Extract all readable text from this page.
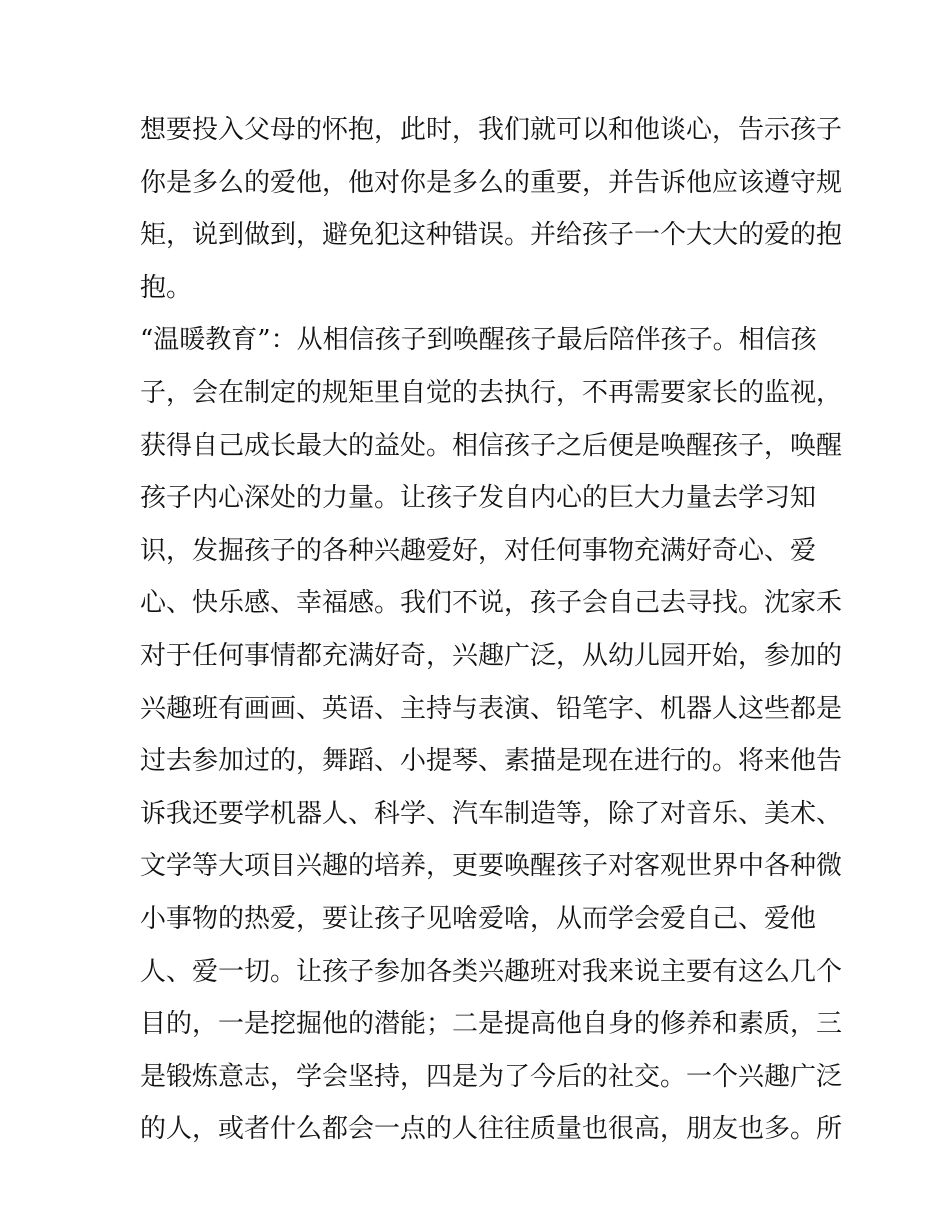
想要投入父母的怀抱，此时，我们就可以和他谈心，告示孩子
你是多么的爱他，他对你是多么的重要，并告诉他应该遵守规
矩，说到做到，避免犯这种错误。并给孩子一个大大的爱的抱
抱。
“温暖教育”：从相信孩子到唤醒孩子最后陪伴孩子。相信孩
子，会在制定的规矩里自觉的去执行，不再需要家长的监视，
获得自己成长最大的益处。相信孩子之后便是唤醒孩子，唤醒
孩子内心深处的力量。让孩子发自内心的巨大力量去学习知
识，发掘孩子的各种兴趣爱好，对任何事物充满好奇心、爱
心、快乐感、幸福感。我们不说，孩子会自己去寻找。沈家禾
对于任何事情都充满好奇，兴趣广泛，从幼儿园开始，参加的
兴趣班有画画、英语、主持与表演、铅笔字、机器人这些都是
过去参加过的，舞蹈、小提琴、素描是现在进行的。将来他告
诉我还要学机器人、科学、汽车制造等，除了对音乐、美术、
文学等大项目兴趣的培养，更要唤醒孩子对客观世界中各种微
小事物的热爱，要让孩子见啥爱啥，从而学会爱自己、爱他
人、爱一切。让孩子参加各类兴趣班对我来说主要有这么几个
目的，一是挖掘他的潜能；二是提高他自身的修养和素质，三
是锻炼意志，学会坚持，四是为了今后的社交。一个兴趣广泛
的人，或者什么都会一点的人往往质量也很高，朋友也多。所
